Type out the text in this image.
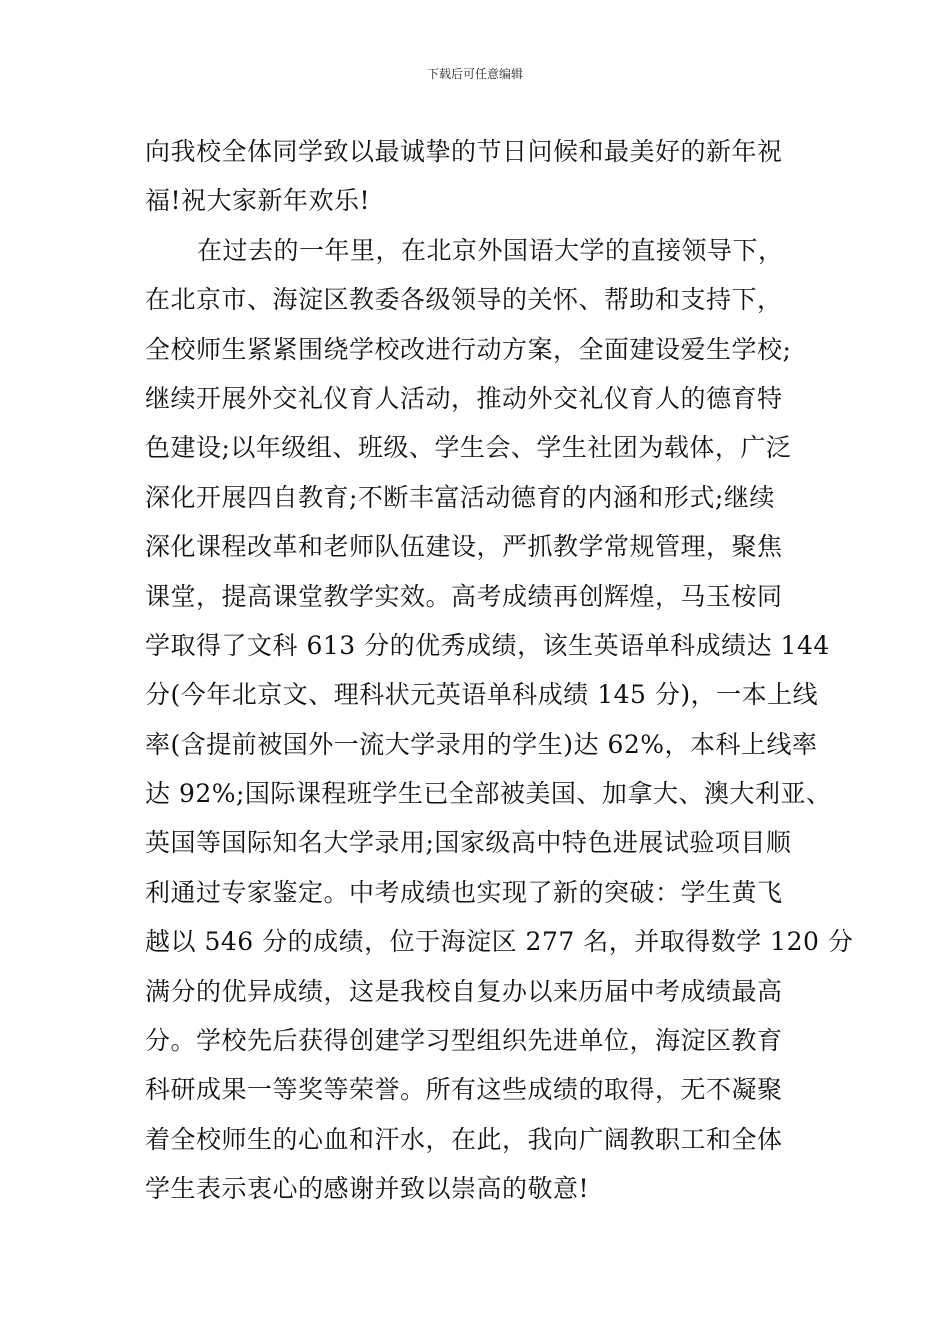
下载后可任意编辑
向我校全体同学致以最诚挚的节日问候和最美好的新年祝
福!祝大家新年欢乐!
在过去的一年里，在北京外国语大学的直接领导下，
在北京市、海淀区教委各级领导的关怀、帮助和支持下，
全校师生紧紧围绕学校改进行动方案，全面建设爱生学校;
继续开展外交礼仪育人活动，推动外交礼仪育人的德育特
色建设;以年级组、班级、学生会、学生社团为载体，广泛
深化开展四自教育;不断丰富活动德育的内涵和形式;继续
深化课程改革和老师队伍建设，严抓教学常规管理，聚焦
课堂，提高课堂教学实效。高考成绩再创辉煌，马玉桉同
学取得了文科 613 分的优秀成绩，该生英语单科成绩达 144
分(今年北京文、理科状元英语单科成绩 145 分)，一本上线
率(含提前被国外一流大学录用的学生)达 62%，本科上线率
达 92%;国际课程班学生已全部被美国、加拿大、澳大利亚、
英国等国际知名大学录用;国家级高中特色进展试验项目顺
利通过专家鉴定。中考成绩也实现了新的突破：学生黄飞
越以 546 分的成绩，位于海淀区 277 名，并取得数学 120 分
满分的优异成绩，这是我校自复办以来历届中考成绩最高
分。学校先后获得创建学习型组织先进单位，海淀区教育
科研成果一等奖等荣誉。所有这些成绩的取得，无不凝聚
着全校师生的心血和汗水，在此，我向广阔教职工和全体
学生表示衷心的感谢并致以崇高的敬意!
